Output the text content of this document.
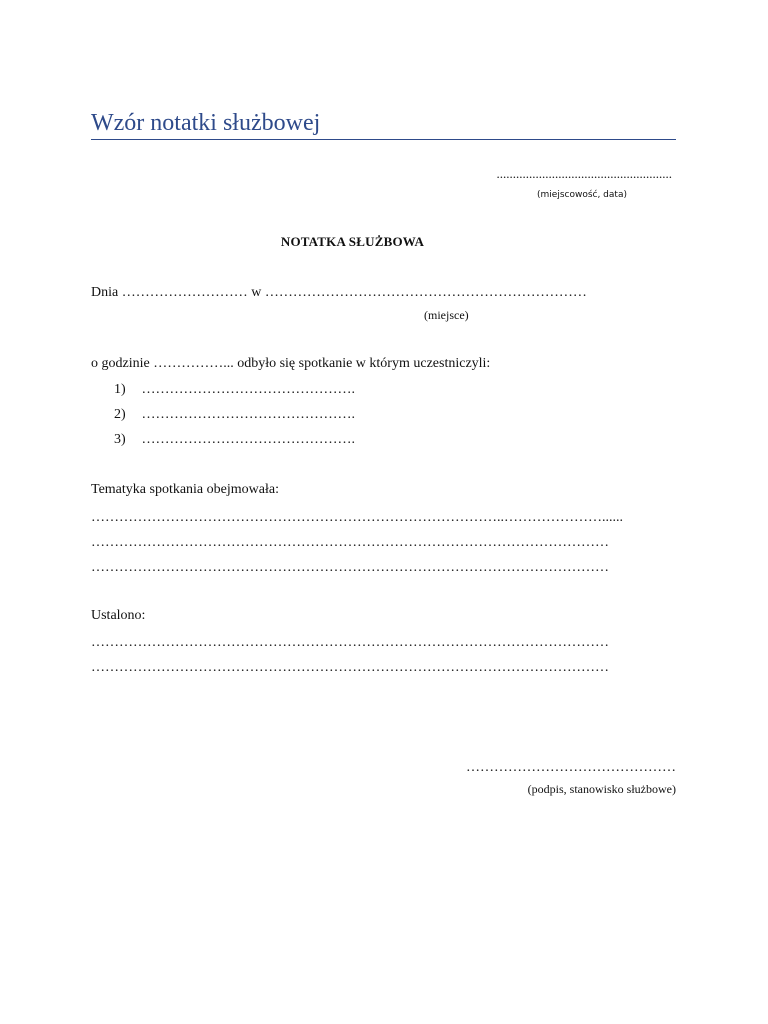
Wzór notatki służbowej
......................................................
(miejscowość, data)
NOTATKA SŁUŻBOWA
Dnia ……………………… w ……………………………………………………………
(miejsce)
o godzinie ……………... odbyło się spotkanie w którym uczestniczyli:
1) ……………………………………….
2) ……………………………………….
3) ……………………………………….
Tematyka spotkania obejmowała:
……………………………………………………………………………..…………………......
…………………………………………………………………………………………………
…………………………………………………………………………………………………
Ustalono:
…………………………………………………………………………………………………
…………………………………………………………………………………………………
………………………………………
(podpis, stanowisko służbowe)
